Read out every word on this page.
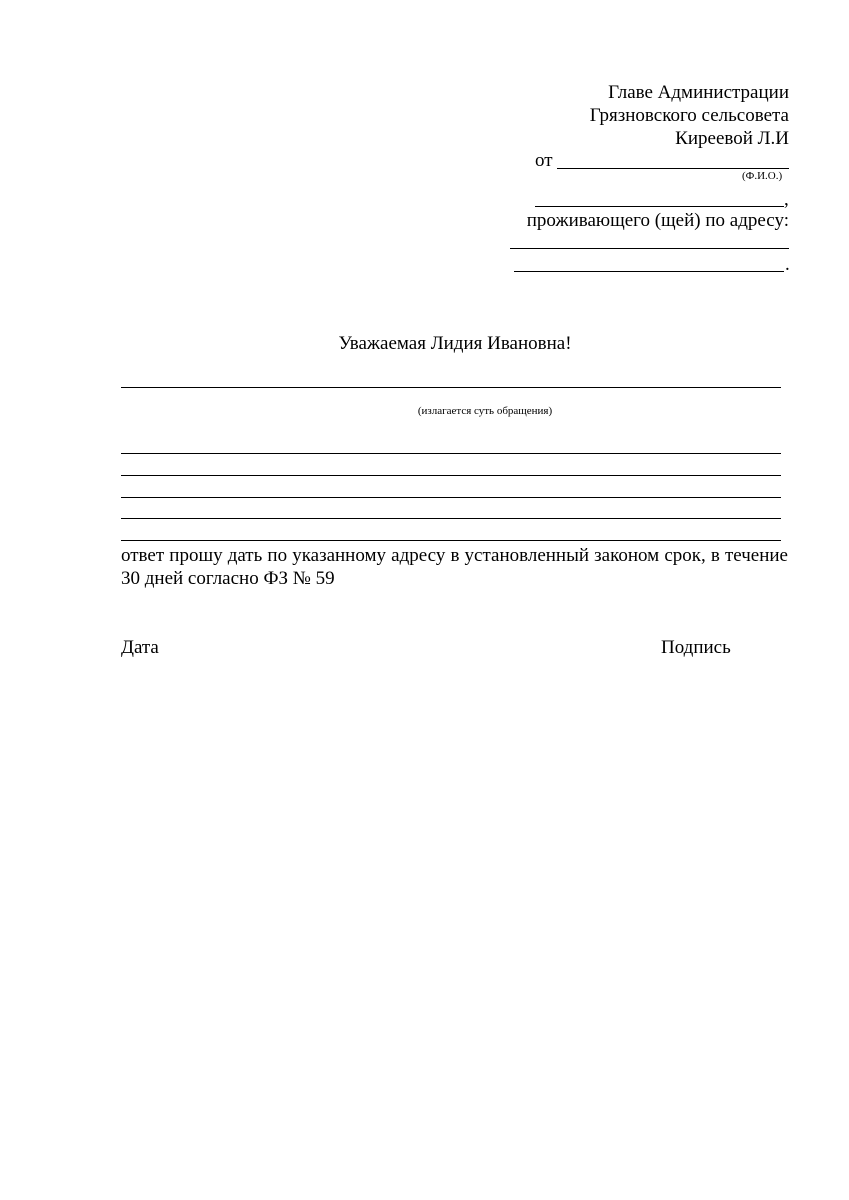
Главе Администрации
Грязновского сельсовета
Киреевой Л.И
от
(Ф.И.О.)
,
проживающего (щей) по адресу:
.
Уважаемая Лидия Ивановна!
(излагается суть обращения)
ответ прошу дать по указанному адресу в установленный законом срок, в течение 30 дней согласно ФЗ № 59
Дата	Подпись
